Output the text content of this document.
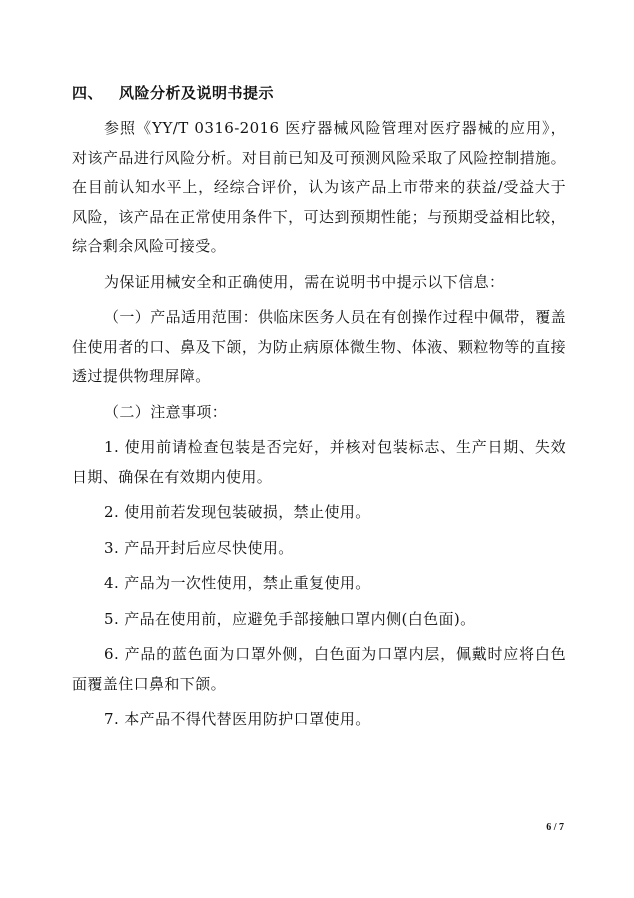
四、 风险分析及说明书提示

参照《YY/T 0316-2016 医疗器械风险管理对医疗器械的应用》，对该产品进行风险分析。对目前已知及可预测风险采取了风险控制措施。在目前认知水平上，经综合评价，认为该产品上市带来的获益/受益大于风险，该产品在正常使用条件下，可达到预期性能；与预期受益相比较，综合剩余风险可接受。

为保证用械安全和正确使用，需在说明书中提示以下信息：

（一）产品适用范围：供临床医务人员在有创操作过程中佩带，覆盖住使用者的口、鼻及下颌，为防止病原体微生物、体液、颗粒物等的直接透过提供物理屏障。

（二）注意事项：

1. 使用前请检查包装是否完好，并核对包装标志、生产日期、失效日期、确保在有效期内使用。

2. 使用前若发现包装破损，禁止使用。

3. 产品开封后应尽快使用。

4. 产品为一次性使用，禁止重复使用。

5. 产品在使用前，应避免手部接触口罩内侧(白色面)。

6. 产品的蓝色面为口罩外侧，白色面为口罩内层，佩戴时应将白色面覆盖住口鼻和下颌。

7. 本产品不得代替医用防护口罩使用。

6 / 7
